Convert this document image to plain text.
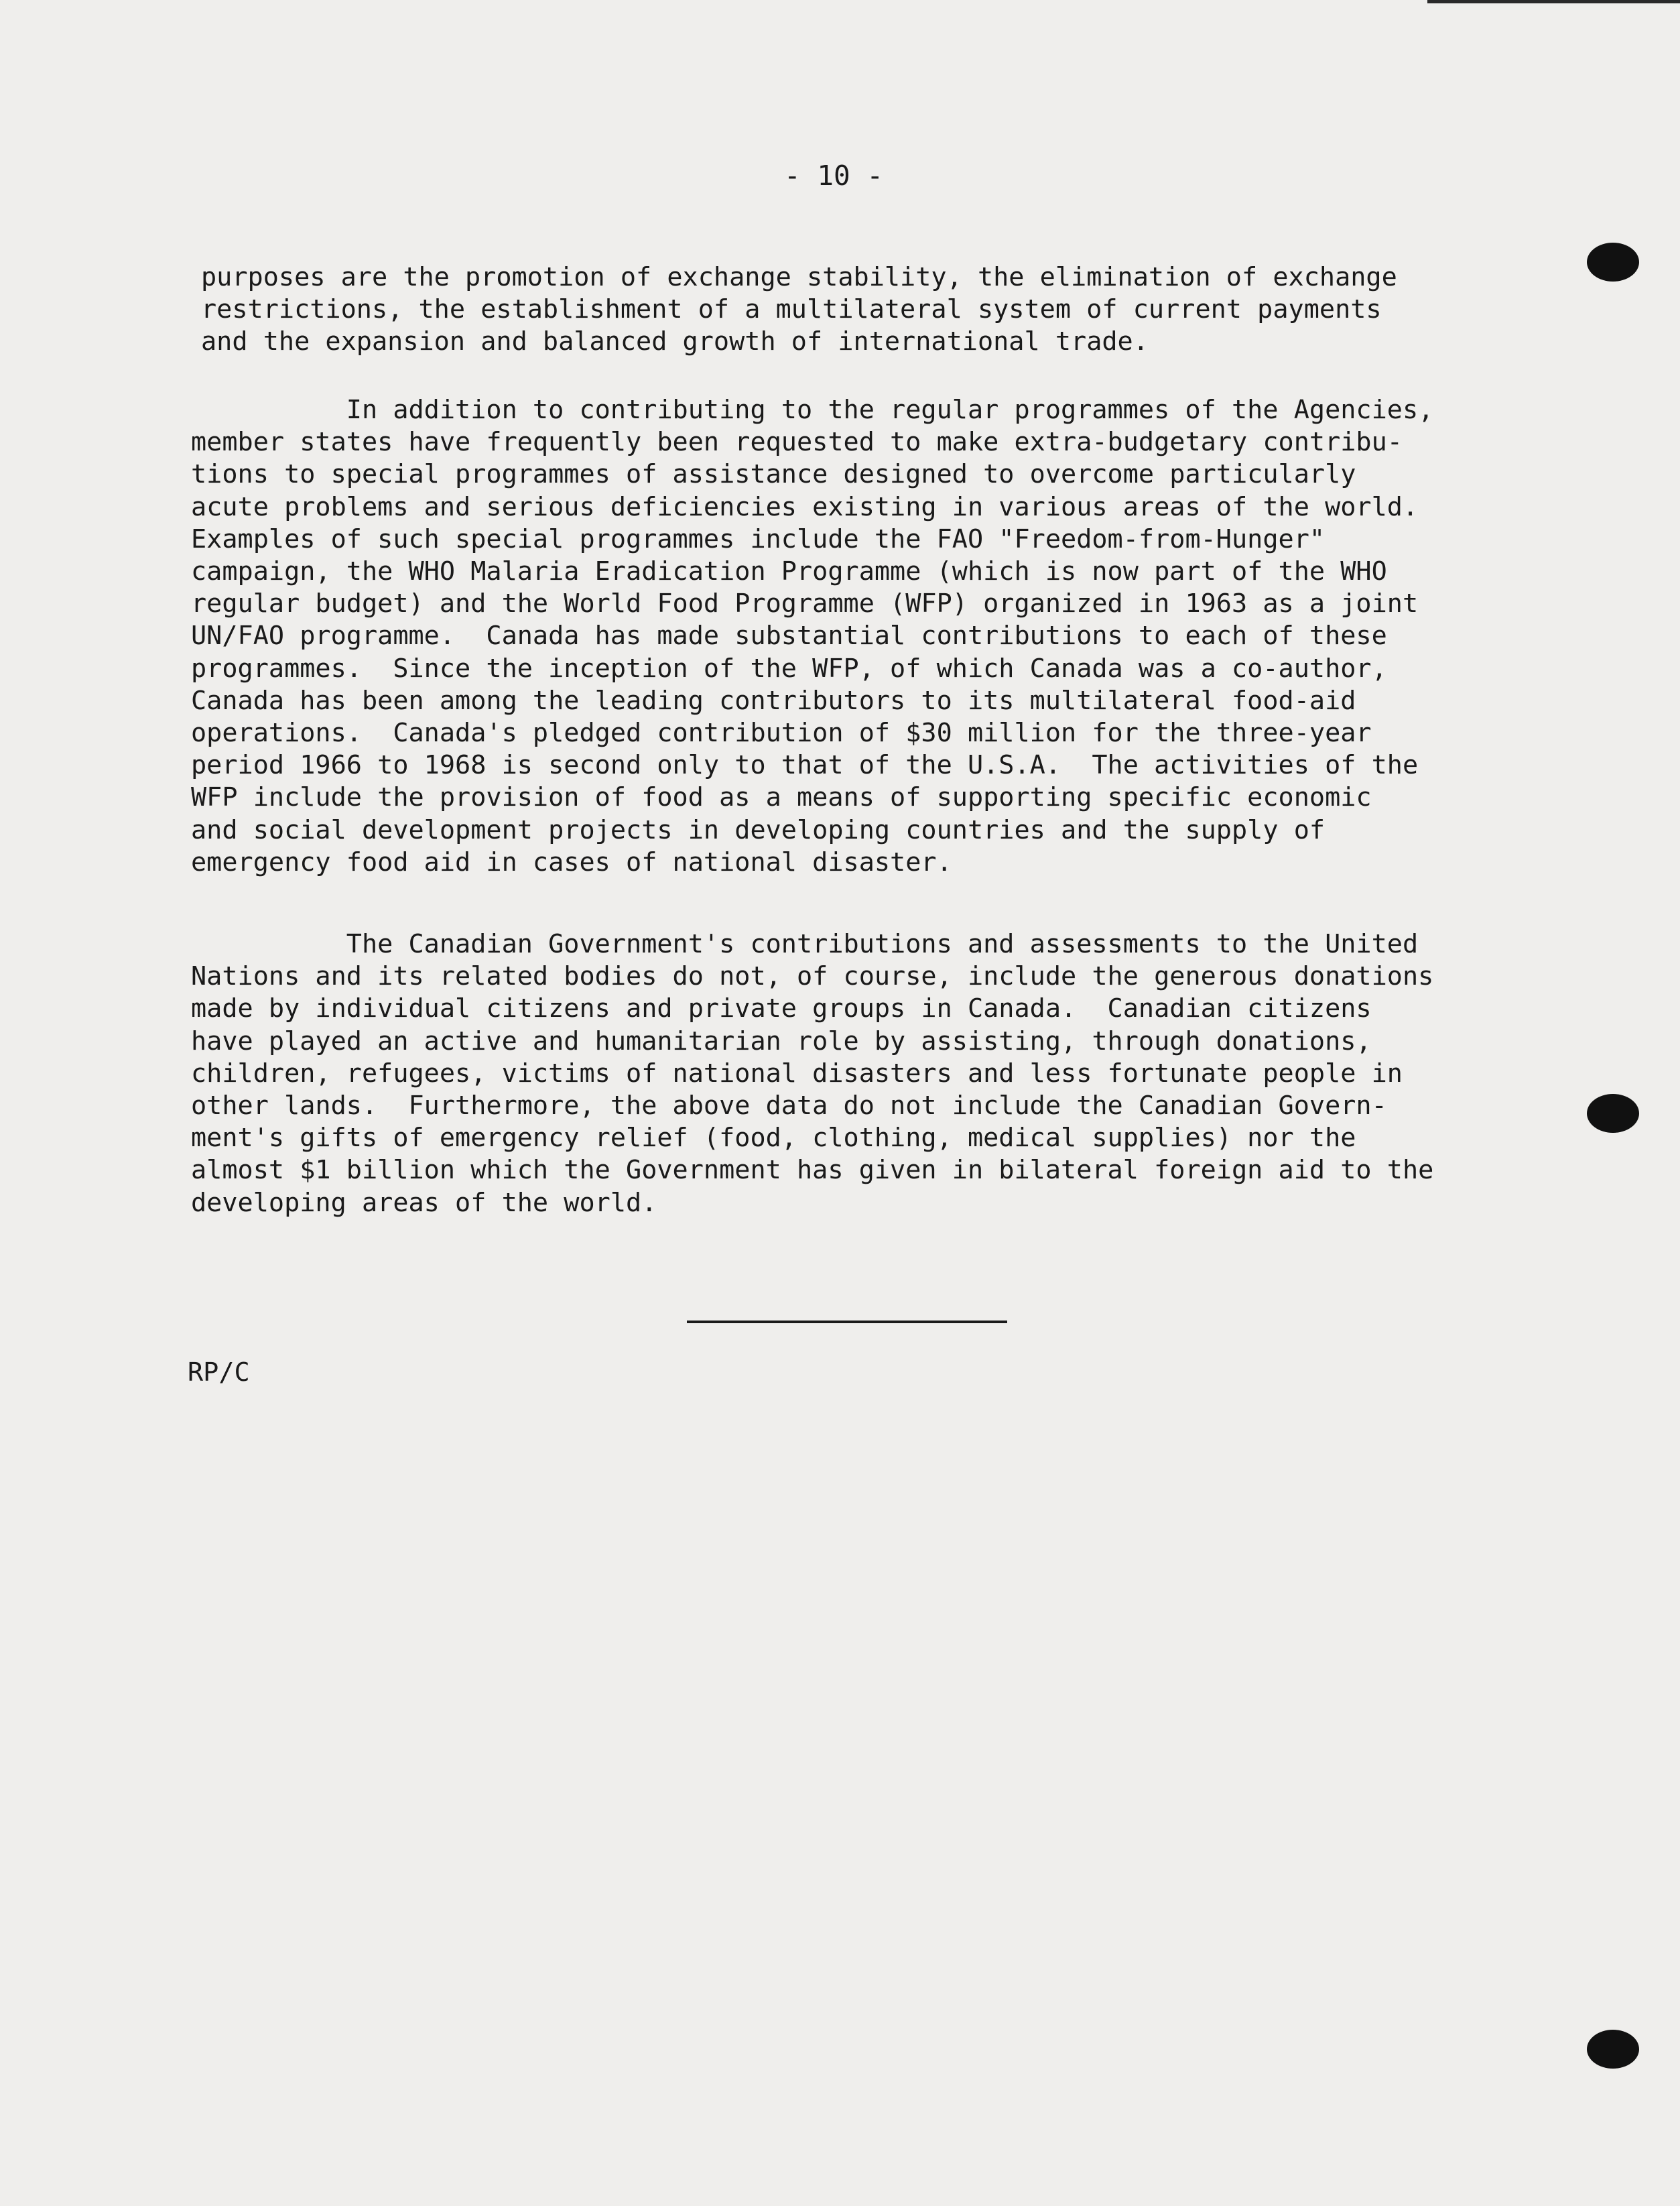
- 10 -
purposes are the promotion of exchange stability, the elimination of exchange
restrictions, the establishment of a multilateral system of current payments
and the expansion and balanced growth of international trade.
In addition to contributing to the regular programmes of the Agencies,
member states have frequently been requested to make extra-budgetary contribu-
tions to special programmes of assistance designed to overcome particularly
acute problems and serious deficiencies existing in various areas of the world.
Examples of such special programmes include the FAO "Freedom-from-Hunger"
campaign, the WHO Malaria Eradication Programme (which is now part of the WHO
regular budget) and the World Food Programme (WFP) organized in 1963 as a joint
UN/FAO programme.  Canada has made substantial contributions to each of these
programmes.  Since the inception of the WFP, of which Canada was a co-author,
Canada has been among the leading contributors to its multilateral food-aid
operations.  Canada's pledged contribution of $30 million for the three-year
period 1966 to 1968 is second only to that of the U.S.A.  The activities of the
WFP include the provision of food as a means of supporting specific economic
and social development projects in developing countries and the supply of
emergency food aid in cases of national disaster.
The Canadian Government's contributions and assessments to the United
Nations and its related bodies do not, of course, include the generous donations
made by individual citizens and private groups in Canada.  Canadian citizens
have played an active and humanitarian role by assisting, through donations,
children, refugees, victims of national disasters and less fortunate people in
other lands.  Furthermore, the above data do not include the Canadian Govern-
ment's gifts of emergency relief (food, clothing, medical supplies) nor the
almost $1 billion which the Government has given in bilateral foreign aid to the
developing areas of the world.
RP/C
